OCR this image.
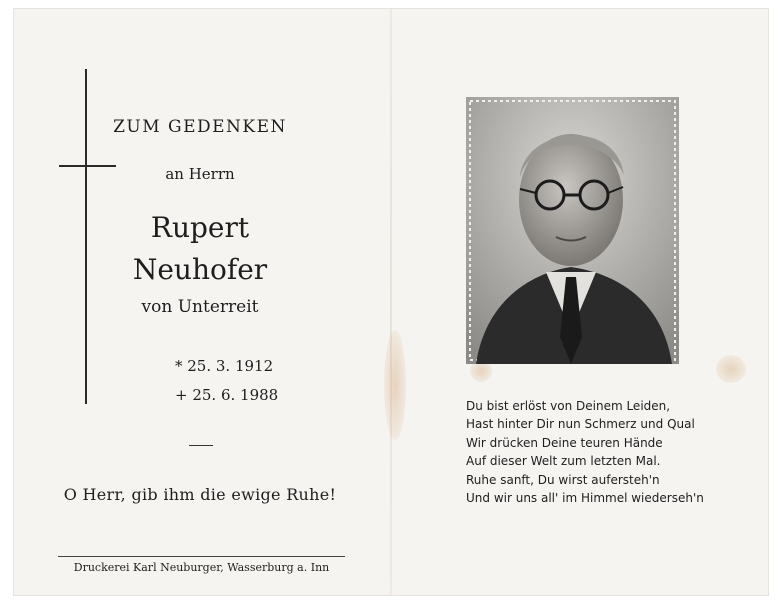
ZUM GEDENKEN
an Herrn
Rupert
Neuhofer
von Unterreit
* 25. 3. 1912
+ 25. 6. 1988
O Herr, gib ihm die ewige Ruhe!
Druckerei Karl Neuburger, Wasserburg a. Inn
Du bist erlöst von Deinem Leiden,
Hast hinter Dir nun Schmerz und Qual
Wir drücken Deine teuren Hände
Auf dieser Welt zum letzten Mal.
Ruhe sanft, Du wirst aufersteh'n
Und wir uns all' im Himmel wiederseh'n
